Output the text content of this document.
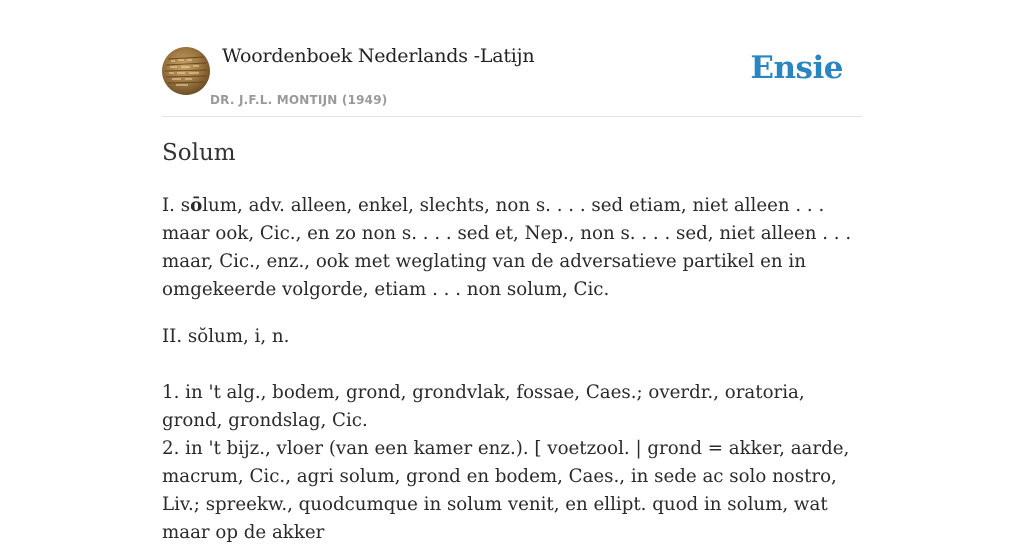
Woordenboek Nederlands -Latijn
DR. J.F.L. MONTIJN (1949)
Ensie
Solum

I. sōlum, adv. alleen, enkel, slechts, non s. . . . sed etiam, niet alleen . . . maar ook, Cic., en zo non s. . . . sed et, Nep., non s. . . . sed, niet alleen . . . maar, Cic., enz., ook met weglating van de adversatieve partikel en in omgekeerde volgorde, etiam . . . non solum, Cic.

II. sŏlum, i, n.

1. in 't alg., bodem, grond, grondvlak, fossae, Caes.; overdr., oratoria, grond, grondslag, Cic.
2. in 't bijz., vloer (van een kamer enz.). [ voetzool. | grond = akker, aarde, macrum, Cic., agri solum, grond en bodem, Caes., in sede ac solo nostro, Liv.; spreekw., quodcumque in solum venit, en ellipt. quod in solum, wat maar op de akker
